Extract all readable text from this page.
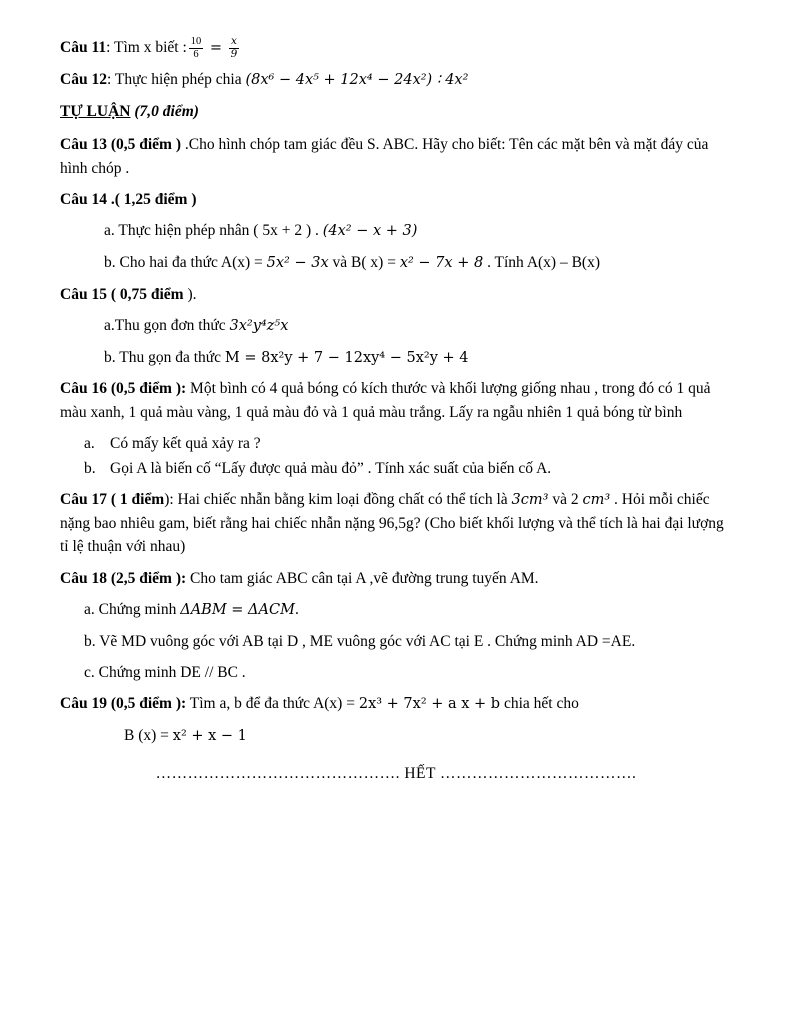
Câu 11: Tìm x biết : $\frac{10}{6} = \frac{x}{9}$

Câu 12: Thực hiện phép chia (8x⁶ − 4x⁵ + 12x⁴ − 24x²) ∶ 4x²

TỰ LUẬN (7,0 điểm)

Câu 13 (0,5 điểm ) .Cho hình chóp tam giác đều S. ABC. Hãy cho biết: Tên các mặt bên và mặt đáy của hình chóp .

Câu 14 .( 1,25 điểm )

a. Thực hiện phép nhân ( 5x + 2 ) . (4x² − x + 3)

b. Cho hai đa thức A(x) = 5x² − 3x và B( x) = x² − 7x + 8 . Tính A(x) – B(x)

Câu 15 ( 0,75 điểm ).

a.Thu gọn đơn thức 3x²y⁴z⁵x

b. Thu gọn đa thức M = 8x²y + 7 − 12xy⁴ − 5x²y + 4

Câu 16 (0,5 điểm ): Một bình có 4 quả bóng có kích thước và khối lượng giống nhau , trong đó có 1 quả màu xanh, 1 quả màu vàng, 1 quả màu đỏ và 1 quả màu trắng. Lấy ra ngẫu nhiên 1 quả bóng từ bình

a. Có mấy kết quả xảy ra ?

b. Gọi A là biến cố “Lấy được quả màu đỏ” . Tính xác suất của biến cố A.

Câu 17 ( 1 điểm): Hai chiếc nhẫn bằng kim loại đồng chất có thể tích là 3cm³ và 2 cm³ . Hỏi mỗi chiếc nặng bao nhiêu gam, biết rằng hai chiếc nhẫn nặng 96,5g? (Cho biết khối lượng và thể tích là hai đại lượng tỉ lệ thuận với nhau)

Câu 18 (2,5 điểm ): Cho tam giác ABC cân tại A ,vẽ đường trung tuyến AM.

a. Chứng minh ΔABM = ΔACM.

b. Vẽ MD vuông góc với AB tại D , ME vuông góc với AC tại E . Chứng minh AD =AE.

c. Chứng minh DE // BC .

Câu 19 (0,5 điểm ): Tìm a, b để đa thức A(x) = 2x³ + 7x² + a x + b chia hết cho

B (x) = x² + x − 1

………………………………………. HẾT ……………………………….
